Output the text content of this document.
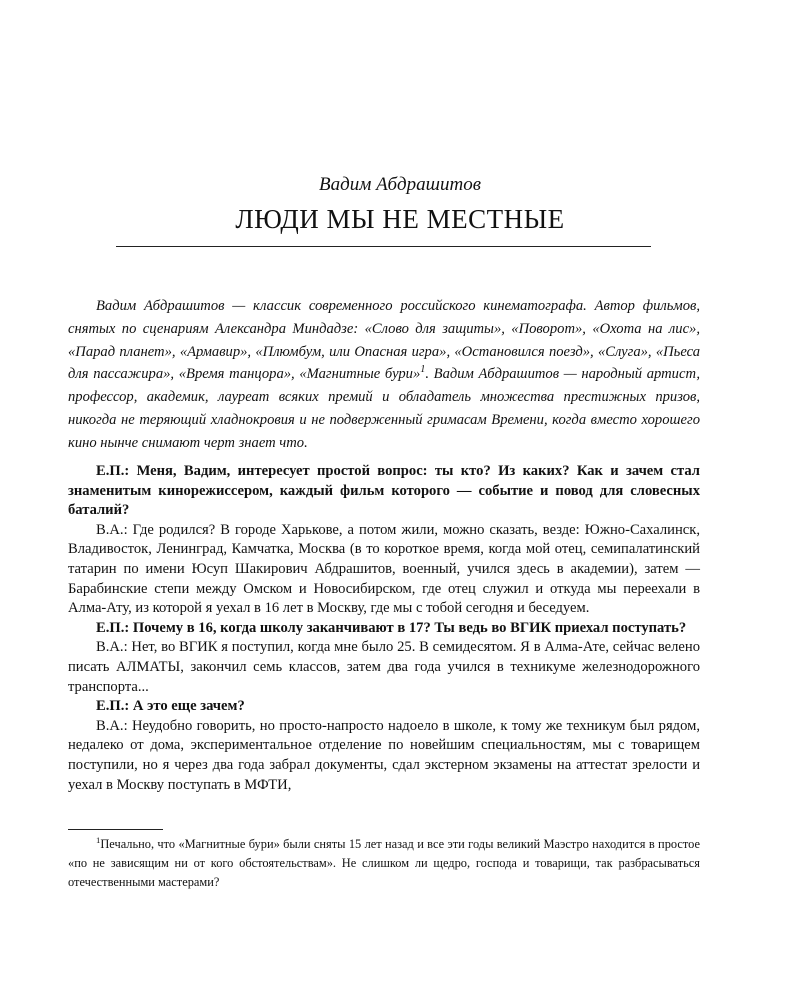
Вадим Абдрашитов
ЛЮДИ МЫ НЕ МЕСТНЫЕ

Вадим Абдрашитов — классик современного российского кинематографа. Автор фильмов, снятых по сценариям Александра Миндадзе: «Слово для защиты», «Поворот», «Охота на лис», «Парад планет», «Армавир», «Плюмбум, или Опасная игра», «Остановился поезд», «Слуга», «Пьеса для пассажира», «Время танцора», «Магнитные бури»$^1$. Вадим Абдрашитов — народный артист, профессор, академик, лауреат всяких премий и обладатель множества престижных призов, никогда не теряющий хладнокровия и не подверженный гримасам Времени, когда вместо хорошего кино нынче снимают черт знает что.

Е.П.: Меня, Вадим, интересует простой вопрос: ты кто? Из каких? Как и зачем стал знаменитым кинорежиссером, каждый фильм которого — событие и повод для словесных баталий?

В.А.: Где родился? В городе Харькове, а потом жили, можно сказать, везде: Южно-Сахалинск, Владивосток, Ленинград, Камчатка, Москва (в то короткое время, когда мой отец, семипалатинский татарин по имени Юсуп Шакирович Абдрашитов, военный, учился здесь в академии), затем — Барабинские степи между Омском и Новосибирском, где отец служил и откуда мы переехали в Алма-Ату, из которой я уехал в 16 лет в Москву, где мы с тобой сегодня и беседуем.

Е.П.: Почему в 16, когда школу заканчивают в 17? Ты ведь во ВГИК приехал поступать?

В.А.: Нет, во ВГИК я поступил, когда мне было 25. В семидесятом. Я в Алма-Ате, сейчас велено писать АЛМАТЫ, закончил семь классов, затем два года учился в техникуме железнодорожного транспорта...

Е.П.: А это еще зачем?

В.А.: Неудобно говорить, но просто-напросто надоело в школе, к тому же техникум был рядом, недалеко от дома, экспериментальное отделение по новейшим специальностям, мы с товарищем поступили, но я через два года забрал документы, сдал экстерном экзамены на аттестат зрелости и уехал в Москву поступать в МФТИ,

$^1$Печально, что «Магнитные бури» были сняты 15 лет назад и все эти годы великий Маэстро находится в простое «по не зависящим ни от кого обстоятельствам». Не слишком ли щедро, господа и товарищи, так разбрасываться отечественными мастерами?
